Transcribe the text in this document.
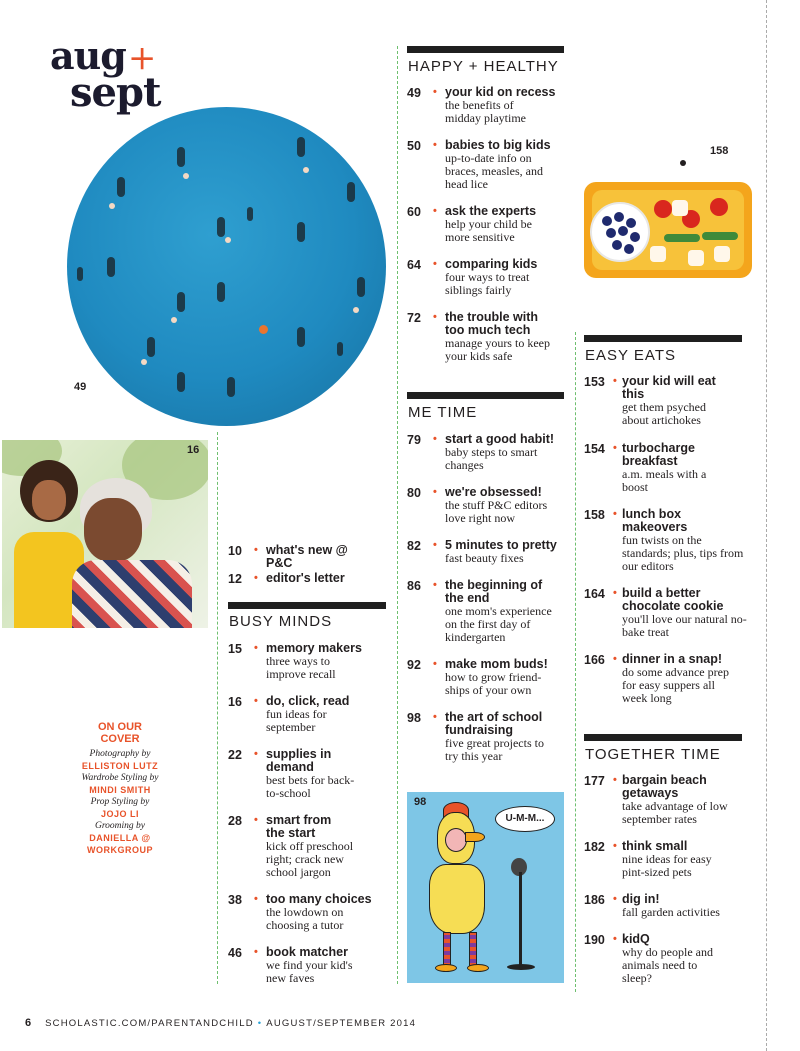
aug+
sept
49
16
10	• what's new @ P&C
12	• editor's letter
BUSY MINDS
15	• memory makers
three ways to improve recall
16	• do, click, read
fun ideas for september
22	• supplies in demand
best bets for back-to-school
28	• smart from the start
kick off preschool right; crack new school jargon
38	• too many choices
the lowdown on choosing a tutor
46	• book matcher
we find your kid's new faves
ON OUR COVER
Photography by
ELLISTON LUTZ
Wardrobe Styling by
MINDI SMITH
Prop Styling by
JOJO LI
Grooming by
DANIELLA @ WORKGROUP
HAPPY + HEALTHY
49	• your kid on recess
the benefits of midday playtime
50	• babies to big kids
up-to-date info on braces, measles, and head lice
60	• ask the experts
help your child be more sensitive
64	• comparing kids
four ways to treat siblings fairly
72	• the trouble with too much tech
manage yours to keep your kids safe
ME TIME
79	• start a good habit!
baby steps to smart changes
80	• we're obsessed!
the stuff P&C editors love right now
82	• 5 minutes to pretty
fast beauty fixes
86	• the beginning of the end
one mom's experience on the first day of kindergarten
92	• make mom buds!
how to grow friend-ships of your own
98	• the art of school fundraising
five great projects to try this year
U-M-M...
98
158
EASY EATS
153 • your kid will eat this
get them psyched about artichokes
154 • turbocharge breakfast
a.m. meals with a boost
158 • lunch box makeovers
fun twists on the standards; plus, tips from our editors
164 • build a better chocolate cookie
you'll love our natural no-bake treat
166 • dinner in a snap!
do some advance prep for easy suppers all week long
TOGETHER TIME
177 • bargain beach getaways
take advantage of low september rates
182 • think small
nine ideas for easy pint-sized pets
186 • dig in!
fall garden activities
190 • kidQ
why do people and animals need to sleep?
6 SCHOLASTIC.COM/PARENTANDCHILD • AUGUST/SEPTEMBER 2014
